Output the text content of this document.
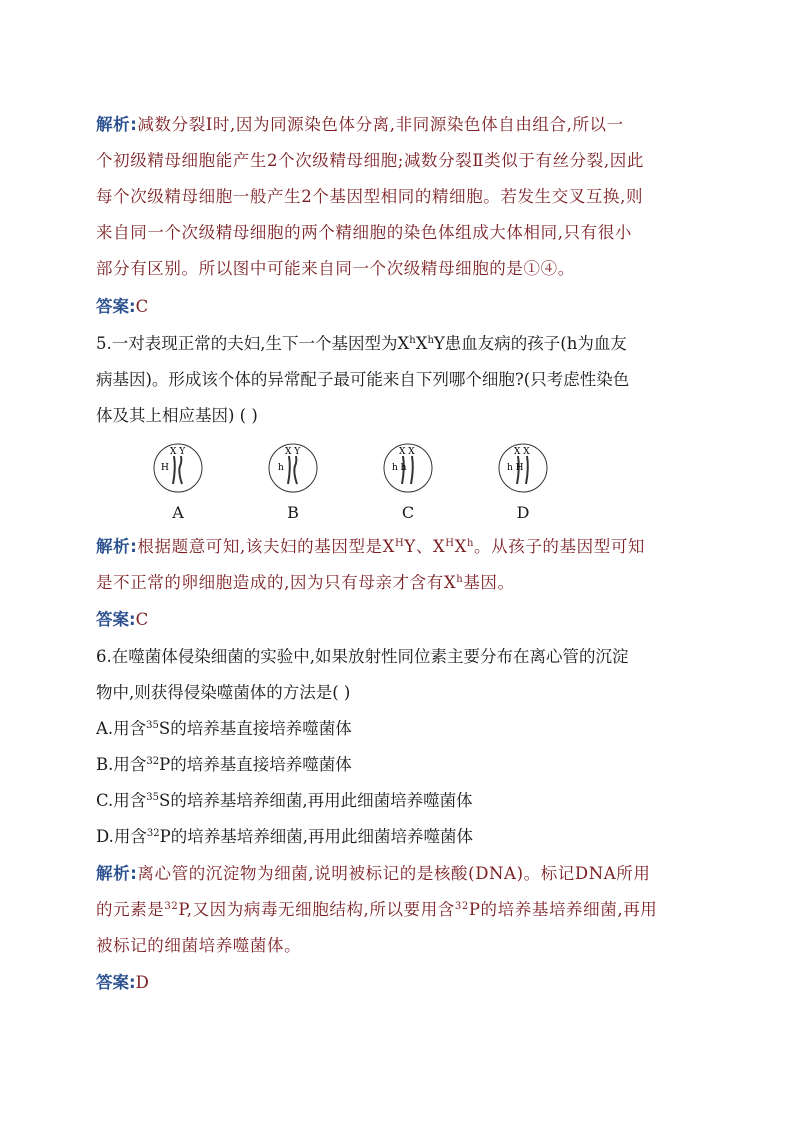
解析:减数分裂Ⅰ时,因为同源染色体分离,非同源染色体自由组合,所以一
个初级精母细胞能产生2个次级精母细胞;减数分裂Ⅱ类似于有丝分裂,因此
每个次级精母细胞一般产生2个基因型相同的精细胞。若发生交叉互换,则
来自同一个次级精母细胞的两个精细胞的染色体组成大体相同,只有很小
部分有区别。所以图中可能来自同一个次级精母细胞的是①④。
答案:C
5.一对表现正常的夫妇,生下一个基因型为$X^hX^hY$患血友病的孩子(h为血友
病基因)。形成该个体的异常配子最可能来自下列哪个细胞?(只考虑性染色
体及其上相应基因) ( )
X Y
H
X Y
h
X X
h h
X X
h H
A	B	C	D
解析:根据题意可知,该夫妇的基因型是$X^HY$、$X^HX^h$。从孩子的基因型可知
是不正常的卵细胞造成的,因为只有母亲才含有$X^h$基因。
答案:C
6.在噬菌体侵染细菌的实验中,如果放射性同位素主要分布在离心管的沉淀
物中,则获得侵染噬菌体的方法是( )
A.用含$^{35}$S的培养基直接培养噬菌体
B.用含$^{32}$P的培养基直接培养噬菌体
C.用含$^{35}$S的培养基培养细菌,再用此细菌培养噬菌体
D.用含$^{32}$P的培养基培养细菌,再用此细菌培养噬菌体
解析:离心管的沉淀物为细菌,说明被标记的是核酸(DNA)。标记DNA所用
的元素是$^{32}$P,又因为病毒无细胞结构,所以要用含$^{32}$P的培养基培养细菌,再用
被标记的细菌培养噬菌体。
答案:D
